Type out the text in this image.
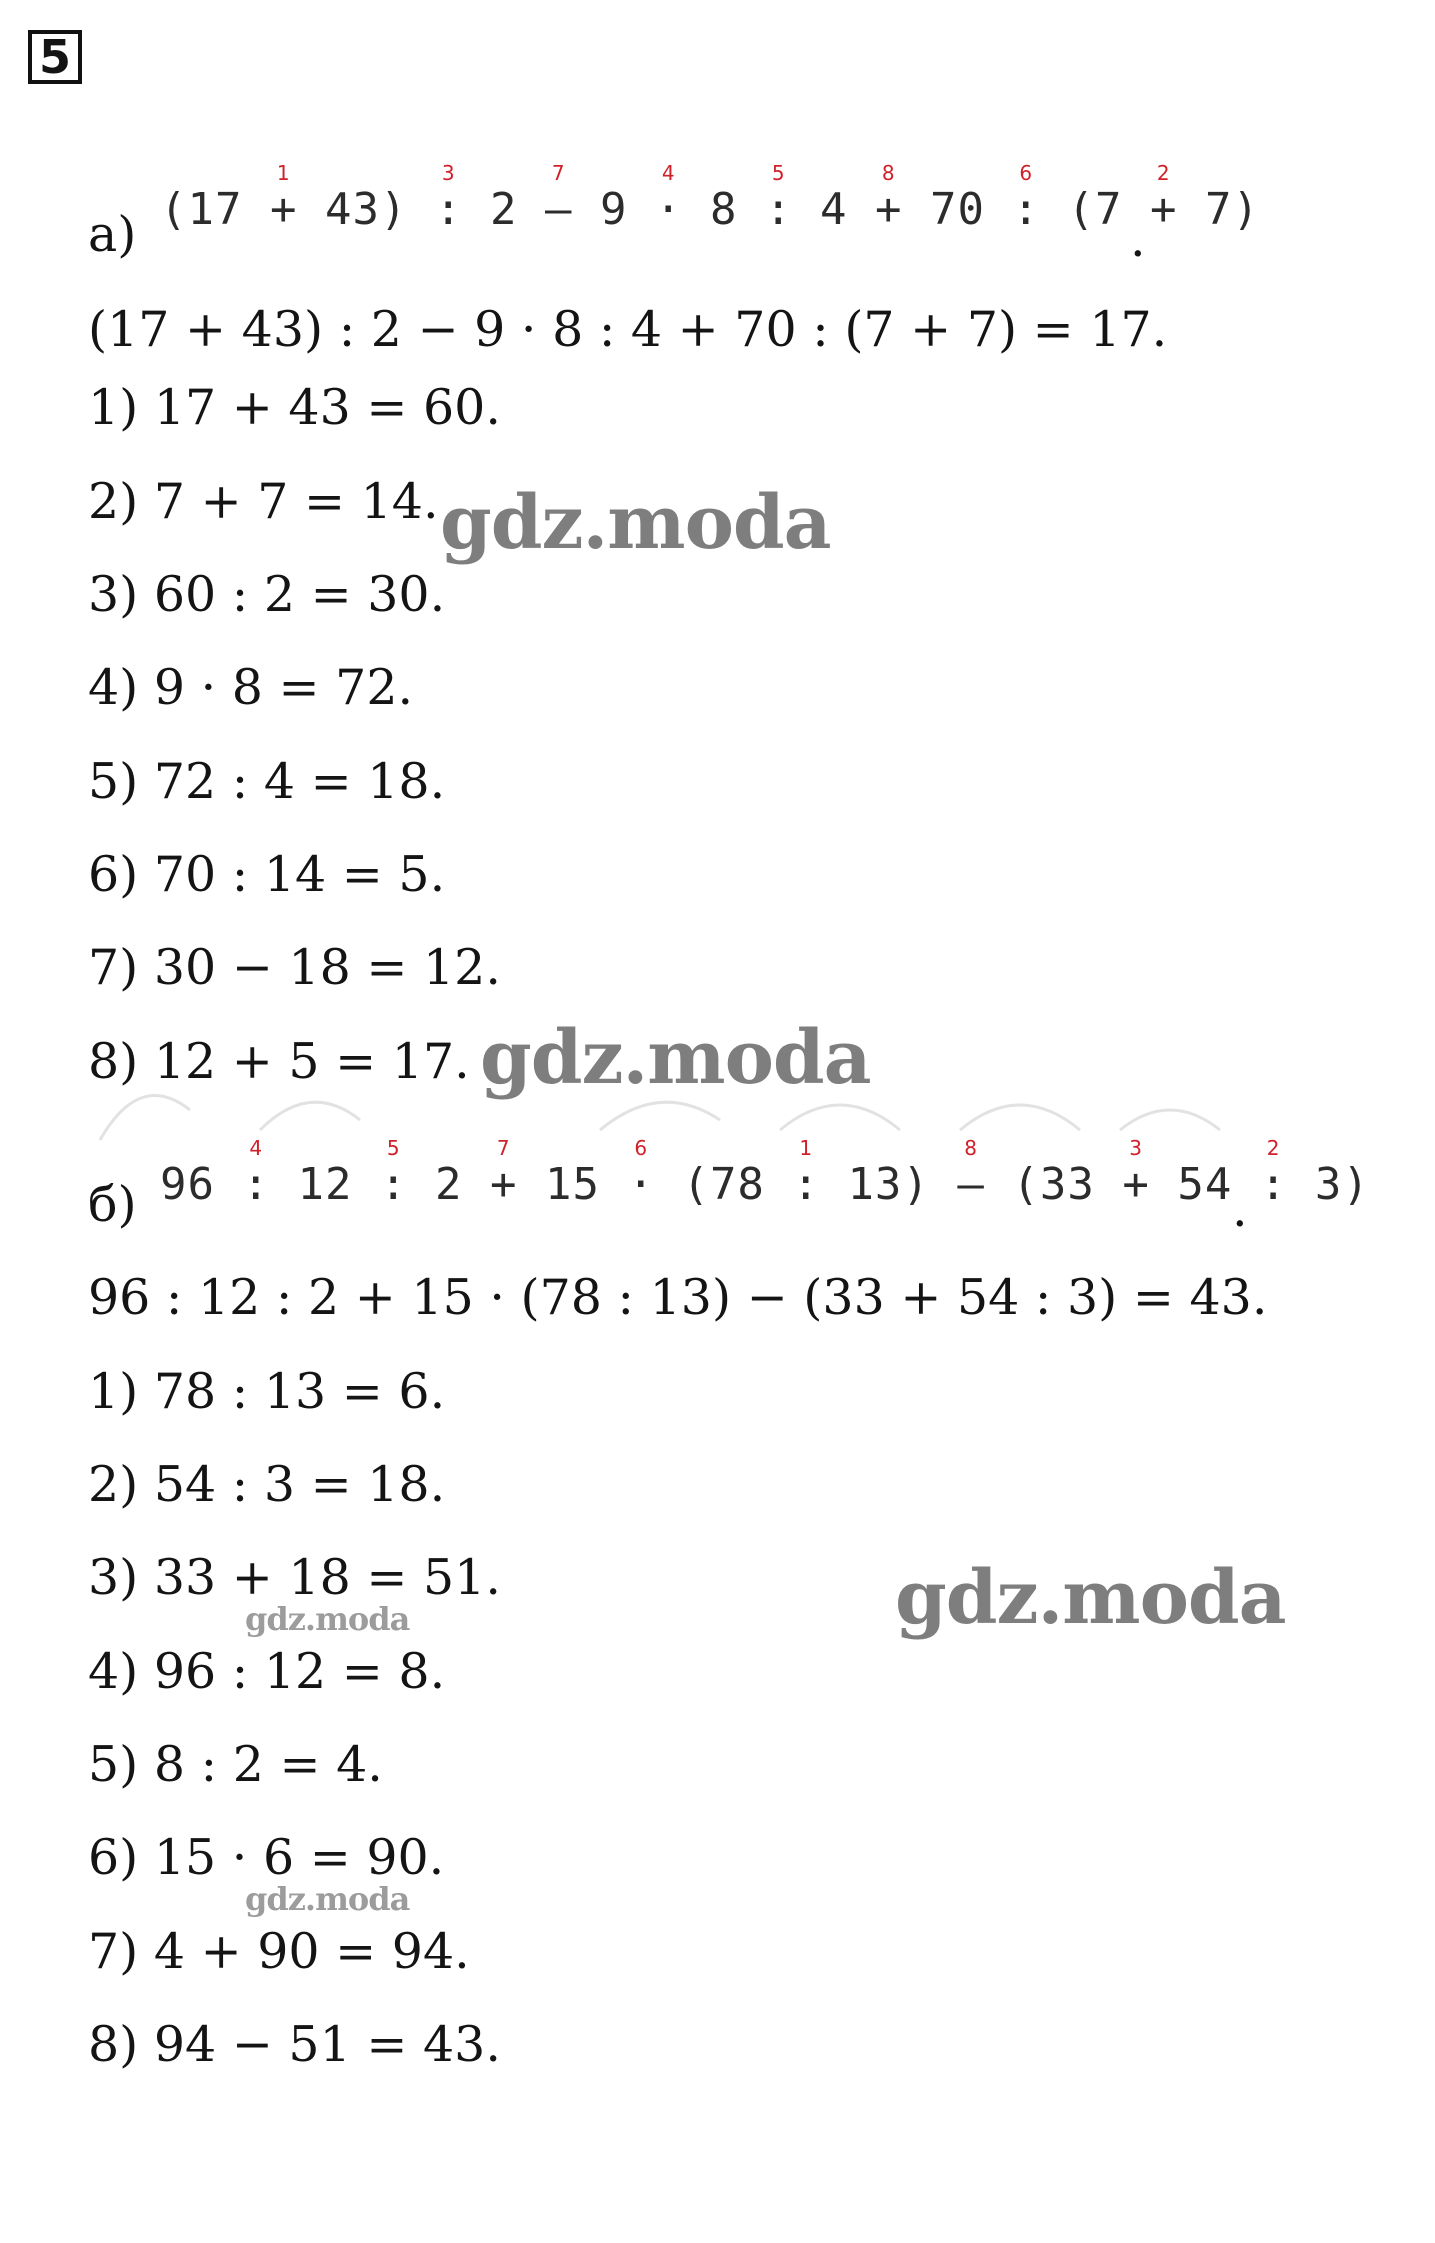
5
а) (17 +
1
43) :
3
2 –
7
9 ·
4
8 :
5
4 +
8
70 :
6
(7 +
2
7)
.
(17 + 43) : 2 − 9 · 8 : 4 + 70 : (7 + 7) = 17.
1) 17 + 43 = 60.
2) 7 + 7 = 14.
3) 60 : 2 = 30.
4) 9 · 8 = 72.
5) 72 : 4 = 18.
6) 70 : 14 = 5.
7) 30 − 18 = 12.
8) 12 + 5 = 17.
б) 96 :
4
12 :
5
2 +
7
15 ·
6
(78 :
1
13) –
8
(33 +
3
54 :
2
3)
.
96 : 12 : 2 + 15 · (78 : 13) − (33 + 54 : 3) = 43.
1) 78 : 13 = 6.
2) 54 : 3 = 18.
3) 33 + 18 = 51.
4) 96 : 12 = 8.
5) 8 : 2 = 4.
6) 15 · 6 = 90.
7) 4 + 90 = 94.
8) 94 − 51 = 43.
gdz.moda
gdz.moda
gdz.moda
gdz.moda
gdz.moda
